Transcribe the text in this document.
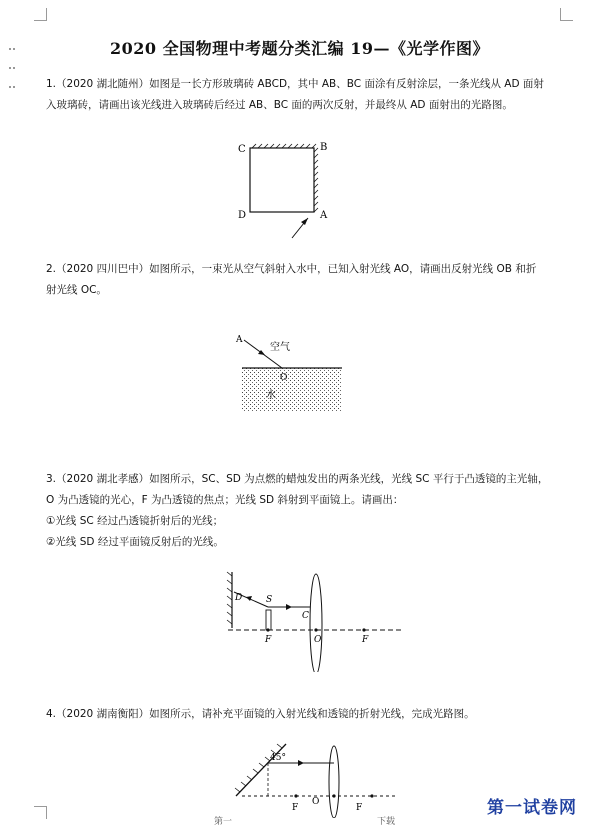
2020 全国物理中考题分类汇编 19—《光学作图》

1.（2020 湖北随州）如图是一长方形玻璃砖 ABCD，其中 AB、BC 面涂有反射涂层，一条光线从 AD 面射

入玻璃砖，请画出该光线进入玻璃砖后经过 AB、BC 面的两次反射，并最终从 AD 面射出的光路图。

C	B
D	A

2.（2020 四川巴中）如图所示，一束光从空气斜射入水中，已知入射光线 AO，请画出反射光线 OB 和折

射光线 OC。

A
空气
O
水

3.（2020 湖北孝感）如图所示，SC、SD 为点燃的蜡烛发出的两条光线，光线 SC 平行于凸透镜的主光轴，

O 为凸透镜的光心，F 为凸透镜的焦点；光线 SD 斜射到平面镜上。请画出：

①光线 SC 经过凸透镜折射后的光线；

②光线 SD 经过平面镜反射后的光线。

D	S
C
F	O	F

4.（2020 湖南衡阳）如图所示，请补充平面镜的入射光线和透镜的折射光线，完成光路图。

45°
F
O
F
第一	下载
第一试卷网
